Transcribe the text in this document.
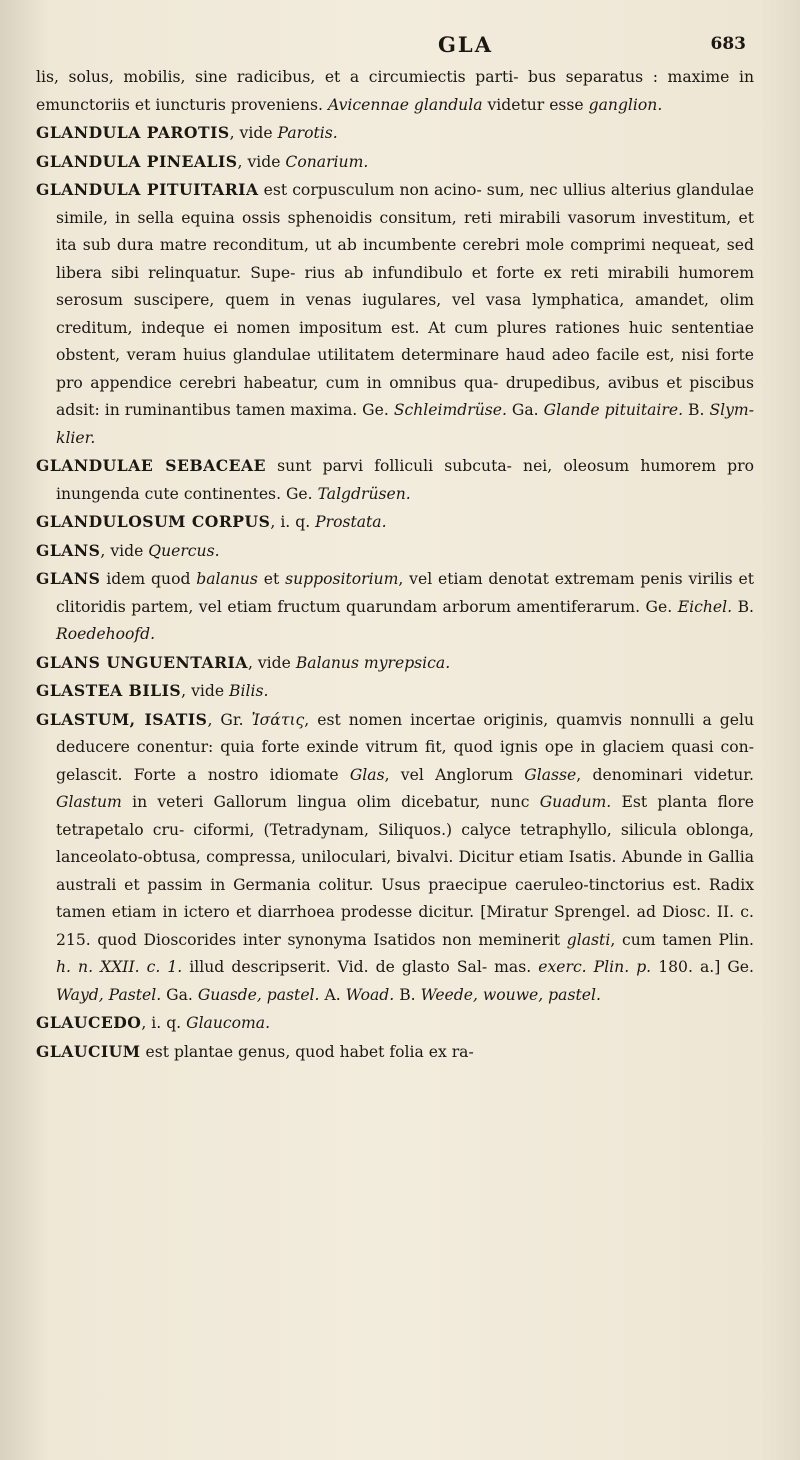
GLA	683

lis, solus, mobilis, sine radicibus, et a circumiectis parti- bus separatus : maxime in emunctoriis et iuncturis proveniens. Avicennae glandula videtur esse ganglion.

GLANDULA PAROTIS, vide Parotis.

GLANDULA PINEALIS, vide Conarium.

GLANDULA PITUITARIA est corpusculum non acino- sum, nec ullius alterius glandulae simile, in sella equina ossis sphenoidis consitum, reti mirabili vasorum investitum, et ita sub dura matre reconditum, ut ab incumbente cerebri mole comprimi nequeat, sed libera sibi relinquatur. Supe- rius ab infundibulo et forte ex reti mirabili humorem serosum suscipere, quem in venas iugulares, vel vasa lymphatica, amandet, olim creditum, indeque ei nomen impositum est. At cum plures rationes huic sententiae obstent, veram huius glandulae utilitatem determinare haud adeo facile est, nisi forte pro appendice cerebri habeatur, cum in omnibus qua- drupedibus, avibus et piscibus adsit: in ruminantibus tamen maxima. Ge. Schleimdrüse. Ga. Glande pituitaire. B. Slym-klier.

GLANDULAE SEBACEAE sunt parvi folliculi subcuta- nei, oleosum humorem pro inungenda cute continentes. Ge. Talgdrüsen.

GLANDULOSUM CORPUS, i. q. Prostata.

GLANS, vide Quercus.

GLANS idem quod balanus et suppositorium, vel etiam denotat extremam penis virilis et clitoridis partem, vel etiam fructum quarundam arborum amentiferarum. Ge. Eichel. B. Roedehoofd.

GLANS UNGUENTARIA, vide Balanus myrepsica.

GLASTEA BILIS, vide Bilis.

GLASTUM, ISATIS, Gr. Ἰσάτις, est nomen incertae originis, quamvis nonnulli a gelu deducere conentur: quia forte exinde vitrum fit, quod ignis ope in glaciem quasi con- gelascit. Forte a nostro idiomate Glas, vel Anglorum Glasse, denominari videtur. Glastum in veteri Gallorum lingua olim dicebatur, nunc Guadum. Est planta flore tetrapetalo cru- ciformi, (Tetradynam, Siliquos.) calyce tetraphyllo, silicula oblonga, lanceolato-obtusa, compressa, uniloculari, bivalvi. Dicitur etiam Isatis. Abunde in Gallia australi et passim in Germania colitur. Usus praecipue caeruleo-tinctorius est. Radix tamen etiam in ictero et diarrhoea prodesse dicitur. [Miratur Sprengel. ad Diosc. II. c. 215. quod Dioscorides inter synonyma Isatidos non meminerit glasti, cum tamen Plin. h. n. XXII. c. 1. illud descripserit. Vid. de glasto Sal- mas. exerc. Plin. p. 180. a.] Ge. Wayd, Pastel. Ga. Guasde, pastel. A. Woad. B. Weede, wouwe, pastel.

GLAUCEDO, i. q. Glaucoma.

GLAUCIUM est plantae genus, quod habet folia ex ra-
